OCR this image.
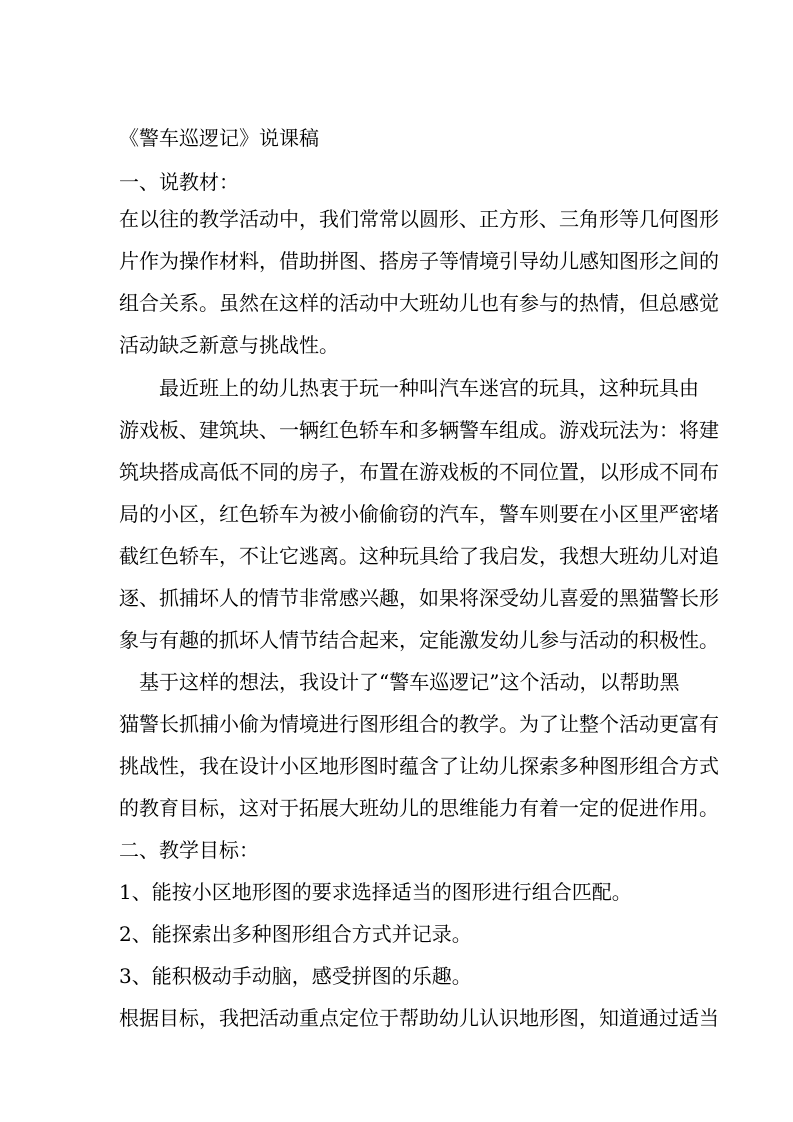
《警车巡逻记》说课稿
一、说教材：
在以往的教学活动中，我们常常以圆形、正方形、三角形等几何图形
片作为操作材料，借助拼图、搭房子等情境引导幼儿感知图形之间的
组合关系。虽然在这样的活动中大班幼儿也有参与的热情，但总感觉
活动缺乏新意与挑战性。
　　最近班上的幼儿热衷于玩一种叫汽车迷宫的玩具，这种玩具由
游戏板、建筑块、一辆红色轿车和多辆警车组成。游戏玩法为：将建
筑块搭成高低不同的房子，布置在游戏板的不同位置，以形成不同布
局的小区，红色轿车为被小偷偷窃的汽车，警车则要在小区里严密堵
截红色轿车，不让它逃离。这种玩具给了我启发，我想大班幼儿对追
逐、抓捕坏人的情节非常感兴趣，如果将深受幼儿喜爱的黑猫警长形
象与有趣的抓坏人情节结合起来，定能激发幼儿参与活动的积极性。
　基于这样的想法，我设计了“警车巡逻记”这个活动，以帮助黑
猫警长抓捕小偷为情境进行图形组合的教学。为了让整个活动更富有
挑战性，我在设计小区地形图时蕴含了让幼儿探索多种图形组合方式
的教育目标，这对于拓展大班幼儿的思维能力有着一定的促进作用。
二、教学目标：
1、能按小区地形图的要求选择适当的图形进行组合匹配。
2、能探索出多种图形组合方式并记录。
3、能积极动手动脑，感受拼图的乐趣。
根据目标，我把活动重点定位于帮助幼儿认识地形图，知道通过适当
